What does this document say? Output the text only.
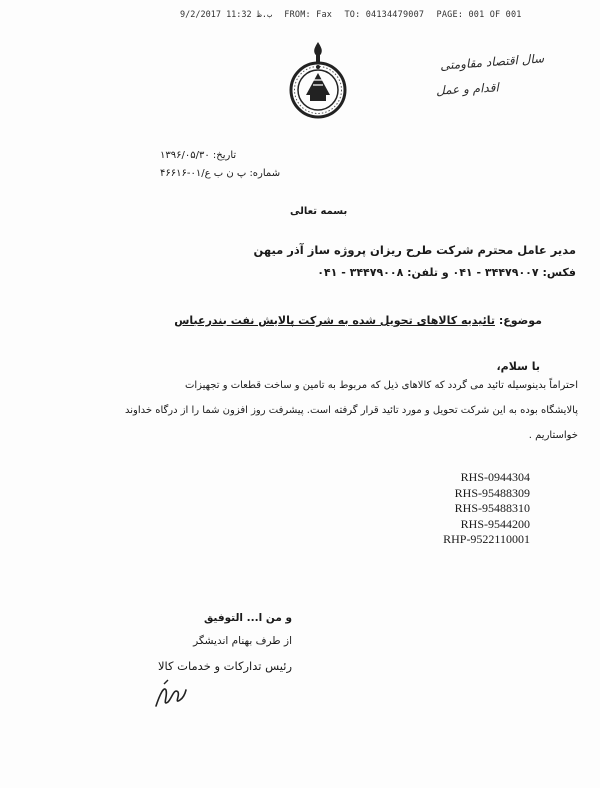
9/2/2017 ب.ظ 11:32 FROM: Fax TO: 04134479007 PAGE: 001 OF 001
سال اقتصاد مقاومتی
اقدام و عمل
تاریخ: ۱۳۹۶/۰۵/۳۰
شماره: پ ن ب ع/۰۱-۴۶۶۱۶
بسمه تعالی
مدیر عامل محترم شرکت طرح ریزان پروژه ساز آذر میهن
فکس: ۳۴۴۷۹۰۰۷ - ۰۴۱ و تلفن: ۳۴۴۷۹۰۰۸ - ۰۴۱
موضوع: تائیدیه کالاهای تحویل شده به شرکت پالایش نفت بندرعباس
با سلام،
احتراماً بدینوسیله تائید می گردد که کالاهای ذیل که مربوط به تامین و ساخت قطعات و تجهیزات
پالایشگاه بوده به این شرکت تحویل و مورد تائید قرار گرفته است. پیشرفت روز افزون شما را از درگاه خداوند
خواستاریم .
RHS-0944304
RHS-95488309
RHS-95488310
RHS-9544200
RHP-9522110001
و من ا... التوفیق
از طرف بهنام اندیشگر
رئیس تدارکات و خدمات کالا
